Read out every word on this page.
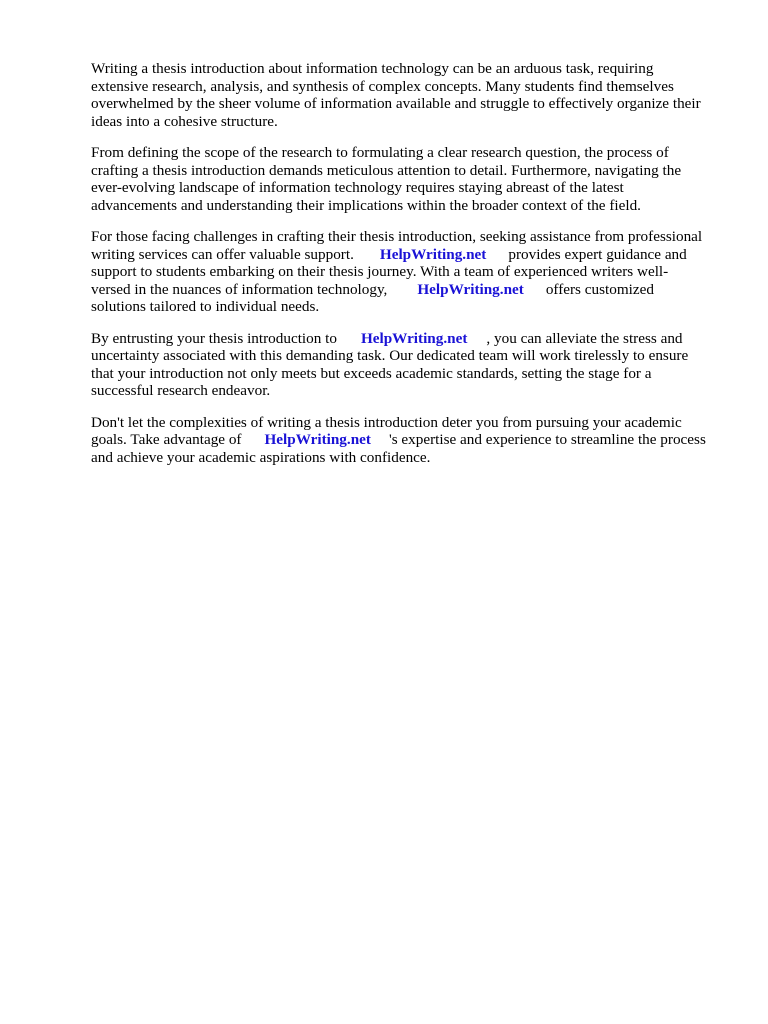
Writing a thesis introduction about information technology can be an arduous task, requiring
extensive research, analysis, and synthesis of complex concepts. Many students find themselves
overwhelmed by the sheer volume of information available and struggle to effectively organize their
ideas into a cohesive structure.
From defining the scope of the research to formulating a clear research question, the process of
crafting a thesis introduction demands meticulous attention to detail. Furthermore, navigating the
ever-evolving landscape of information technology requires staying abreast of the latest
advancements and understanding their implications within the broader context of the field.
For those facing challenges in crafting their thesis introduction, seeking assistance from professional
writing services can offer valuable support. HelpWriting.net provides expert guidance and
support to students embarking on their thesis journey. With a team of experienced writers well-
versed in the nuances of information technology, HelpWriting.net offers customized
solutions tailored to individual needs.
By entrusting your thesis introduction to HelpWriting.net , you can alleviate the stress and
uncertainty associated with this demanding task. Our dedicated team will work tirelessly to ensure
that your introduction not only meets but exceeds academic standards, setting the stage for a
successful research endeavor.
Don't let the complexities of writing a thesis introduction deter you from pursuing your academic
goals. Take advantage of HelpWriting.net 's expertise and experience to streamline the process
and achieve your academic aspirations with confidence.
